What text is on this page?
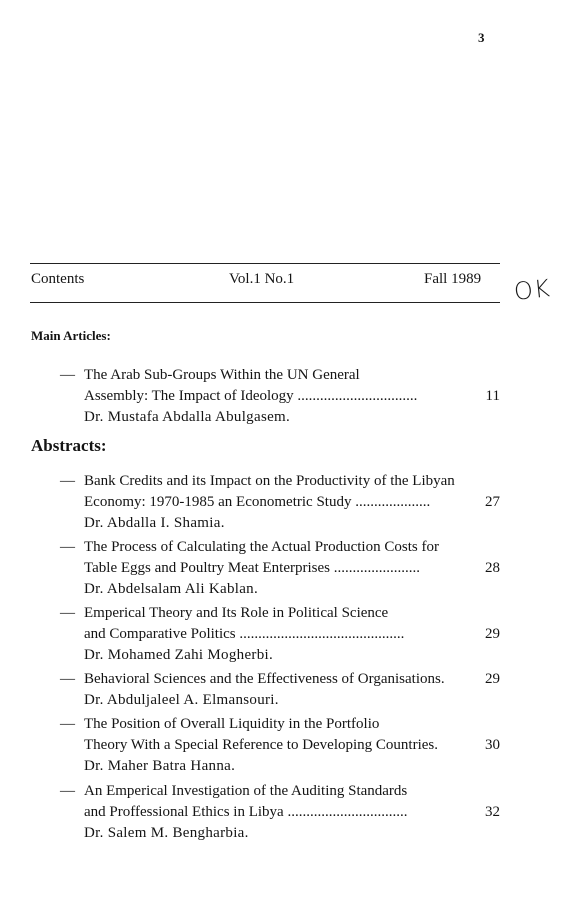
3
Contents	Vol.1 No.1	Fall 1989 OK
Main Articles:
— The Arab Sub-Groups Within the UN General
Assembly: The Impact of Ideology ................................	11
Dr. Mustafa Abdalla Abulgasem.
Abstracts:
— Bank Credits and its Impact on the Productivity of the Libyan
Economy: 1970-1985 an Econometric Study ....................	27
Dr. Abdalla I. Shamia.
— The Process of Calculating the Actual Production Costs for
Table Eggs and Poultry Meat Enterprises .......................	28
Dr. Abdelsalam Ali Kablan.
— Emperical Theory and Its Role in Political Science
and Comparative Politics ............................................	29
Dr. Mohamed Zahi Mogherbi.
— Behavioral Sciences and the Effectiveness of Organisations.	29
Dr. Abduljaleel A. Elmansouri.
— The Position of Overall Liquidity in the Portfolio
Theory With a Special Reference to Developing Countries.	30
Dr. Maher Batra Hanna.
— An Emperical Investigation of the Auditing Standards
and Proffessional Ethics in Libya ................................	32
Dr. Salem M. Bengharbia.
